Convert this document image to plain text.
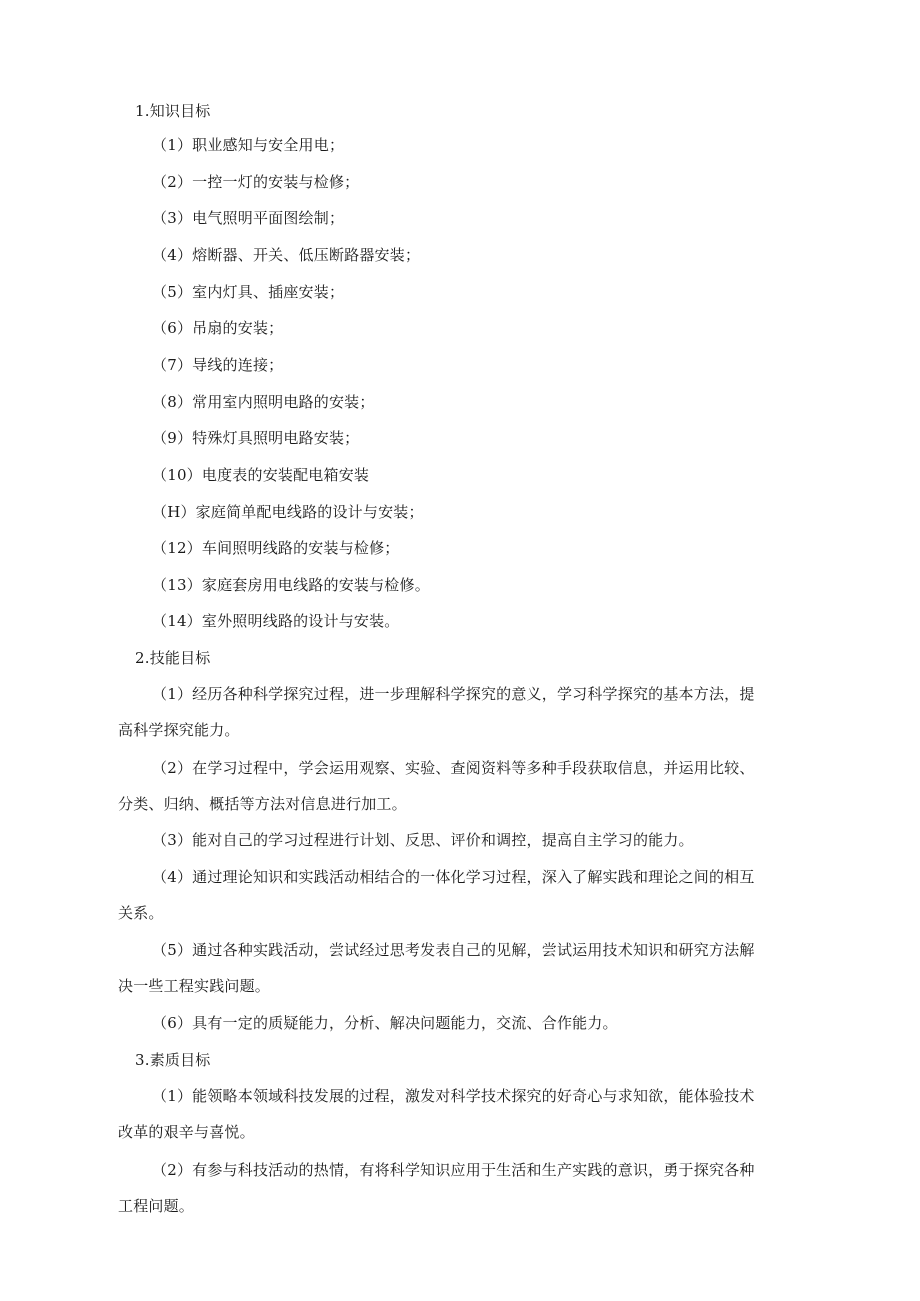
1.知识目标
（1）职业感知与安全用电；
（2）一控一灯的安装与检修；
（3）电气照明平面图绘制；
（4）熔断器、开关、低压断路器安装；
（5）室内灯具、插座安装；
（6）吊扇的安装；
（7）导线的连接；
（8）常用室内照明电路的安装；
（9）特殊灯具照明电路安装；
（10）电度表的安装配电箱安装
（H）家庭简单配电线路的设计与安装；
（12）车间照明线路的安装与检修；
（13）家庭套房用电线路的安装与检修。
（14）室外照明线路的设计与安装。
2.技能目标
（1）经历各种科学探究过程，进一步理解科学探究的意义，学习科学探究的基本方法，提
高科学探究能力。
（2）在学习过程中，学会运用观察、实验、查阅资料等多种手段获取信息，并运用比较、
分类、归纳、概括等方法对信息进行加工。
（3）能对自己的学习过程进行计划、反思、评价和调控，提高自主学习的能力。
（4）通过理论知识和实践活动相结合的一体化学习过程，深入了解实践和理论之间的相互
关系。
（5）通过各种实践活动，尝试经过思考发表自己的见解，尝试运用技术知识和研究方法解
决一些工程实践问题。
（6）具有一定的质疑能力，分析、解决问题能力，交流、合作能力。
3.素质目标
（1）能领略本领域科技发展的过程，激发对科学技术探究的好奇心与求知欲，能体验技术
改革的艰辛与喜悦。
（2）有参与科技活动的热情，有将科学知识应用于生活和生产实践的意识，勇于探究各种
工程问题。
